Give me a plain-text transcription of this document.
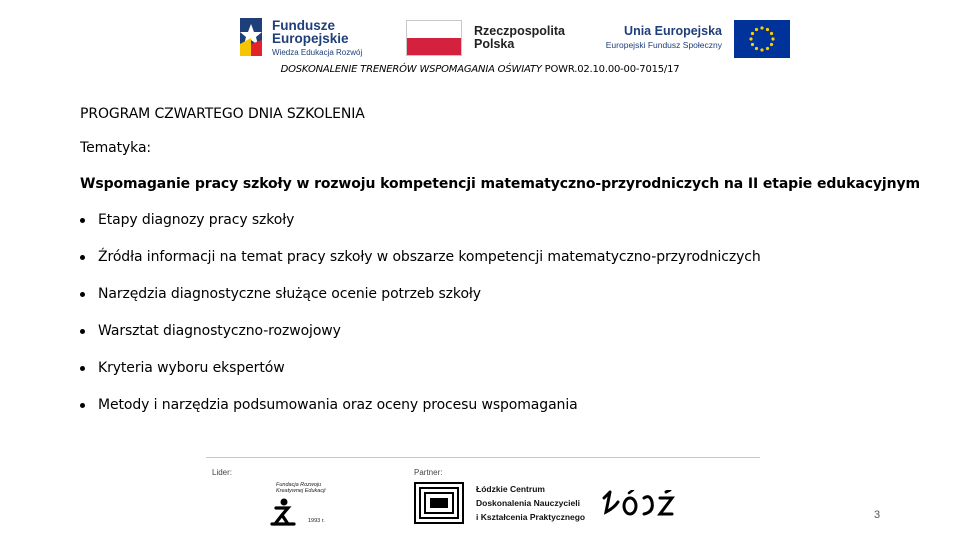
Fundusze
Europejskie
Wiedza Edukacja Rozwój
Rzeczpospolita
Polska
Unia Europejska
Europejski Fundusz Społeczny
DOSKONALENIE TRENERÓW WSPOMAGANIA OŚWIATY POWR.02.10.00-00-7015/17
PROGRAM CZWARTEGO DNIA SZKOLENIA
Tematyka:
Wspomaganie pracy szkoły w rozwoju kompetencji matematyczno-przyrodniczych na II etapie edukacyjnym
Etapy diagnozy pracy szkoły
Źródła informacji na temat pracy szkoły w obszarze kompetencji matematyczno-przyrodniczych
Narzędzia diagnostyczne służące ocenie potrzeb szkoły
Warsztat diagnostyczno-rozwojowy
Kryteria wyboru ekspertów
Metody i narzędzia podsumowania oraz oceny procesu wspomagania
Lider:	Partner:
Fundacja Rozwoju Kreatywnej Edukacji
1993 r.
Łódzkie Centrum
Doskonalenia Nauczycieli
i Kształcenia Praktycznego	3
